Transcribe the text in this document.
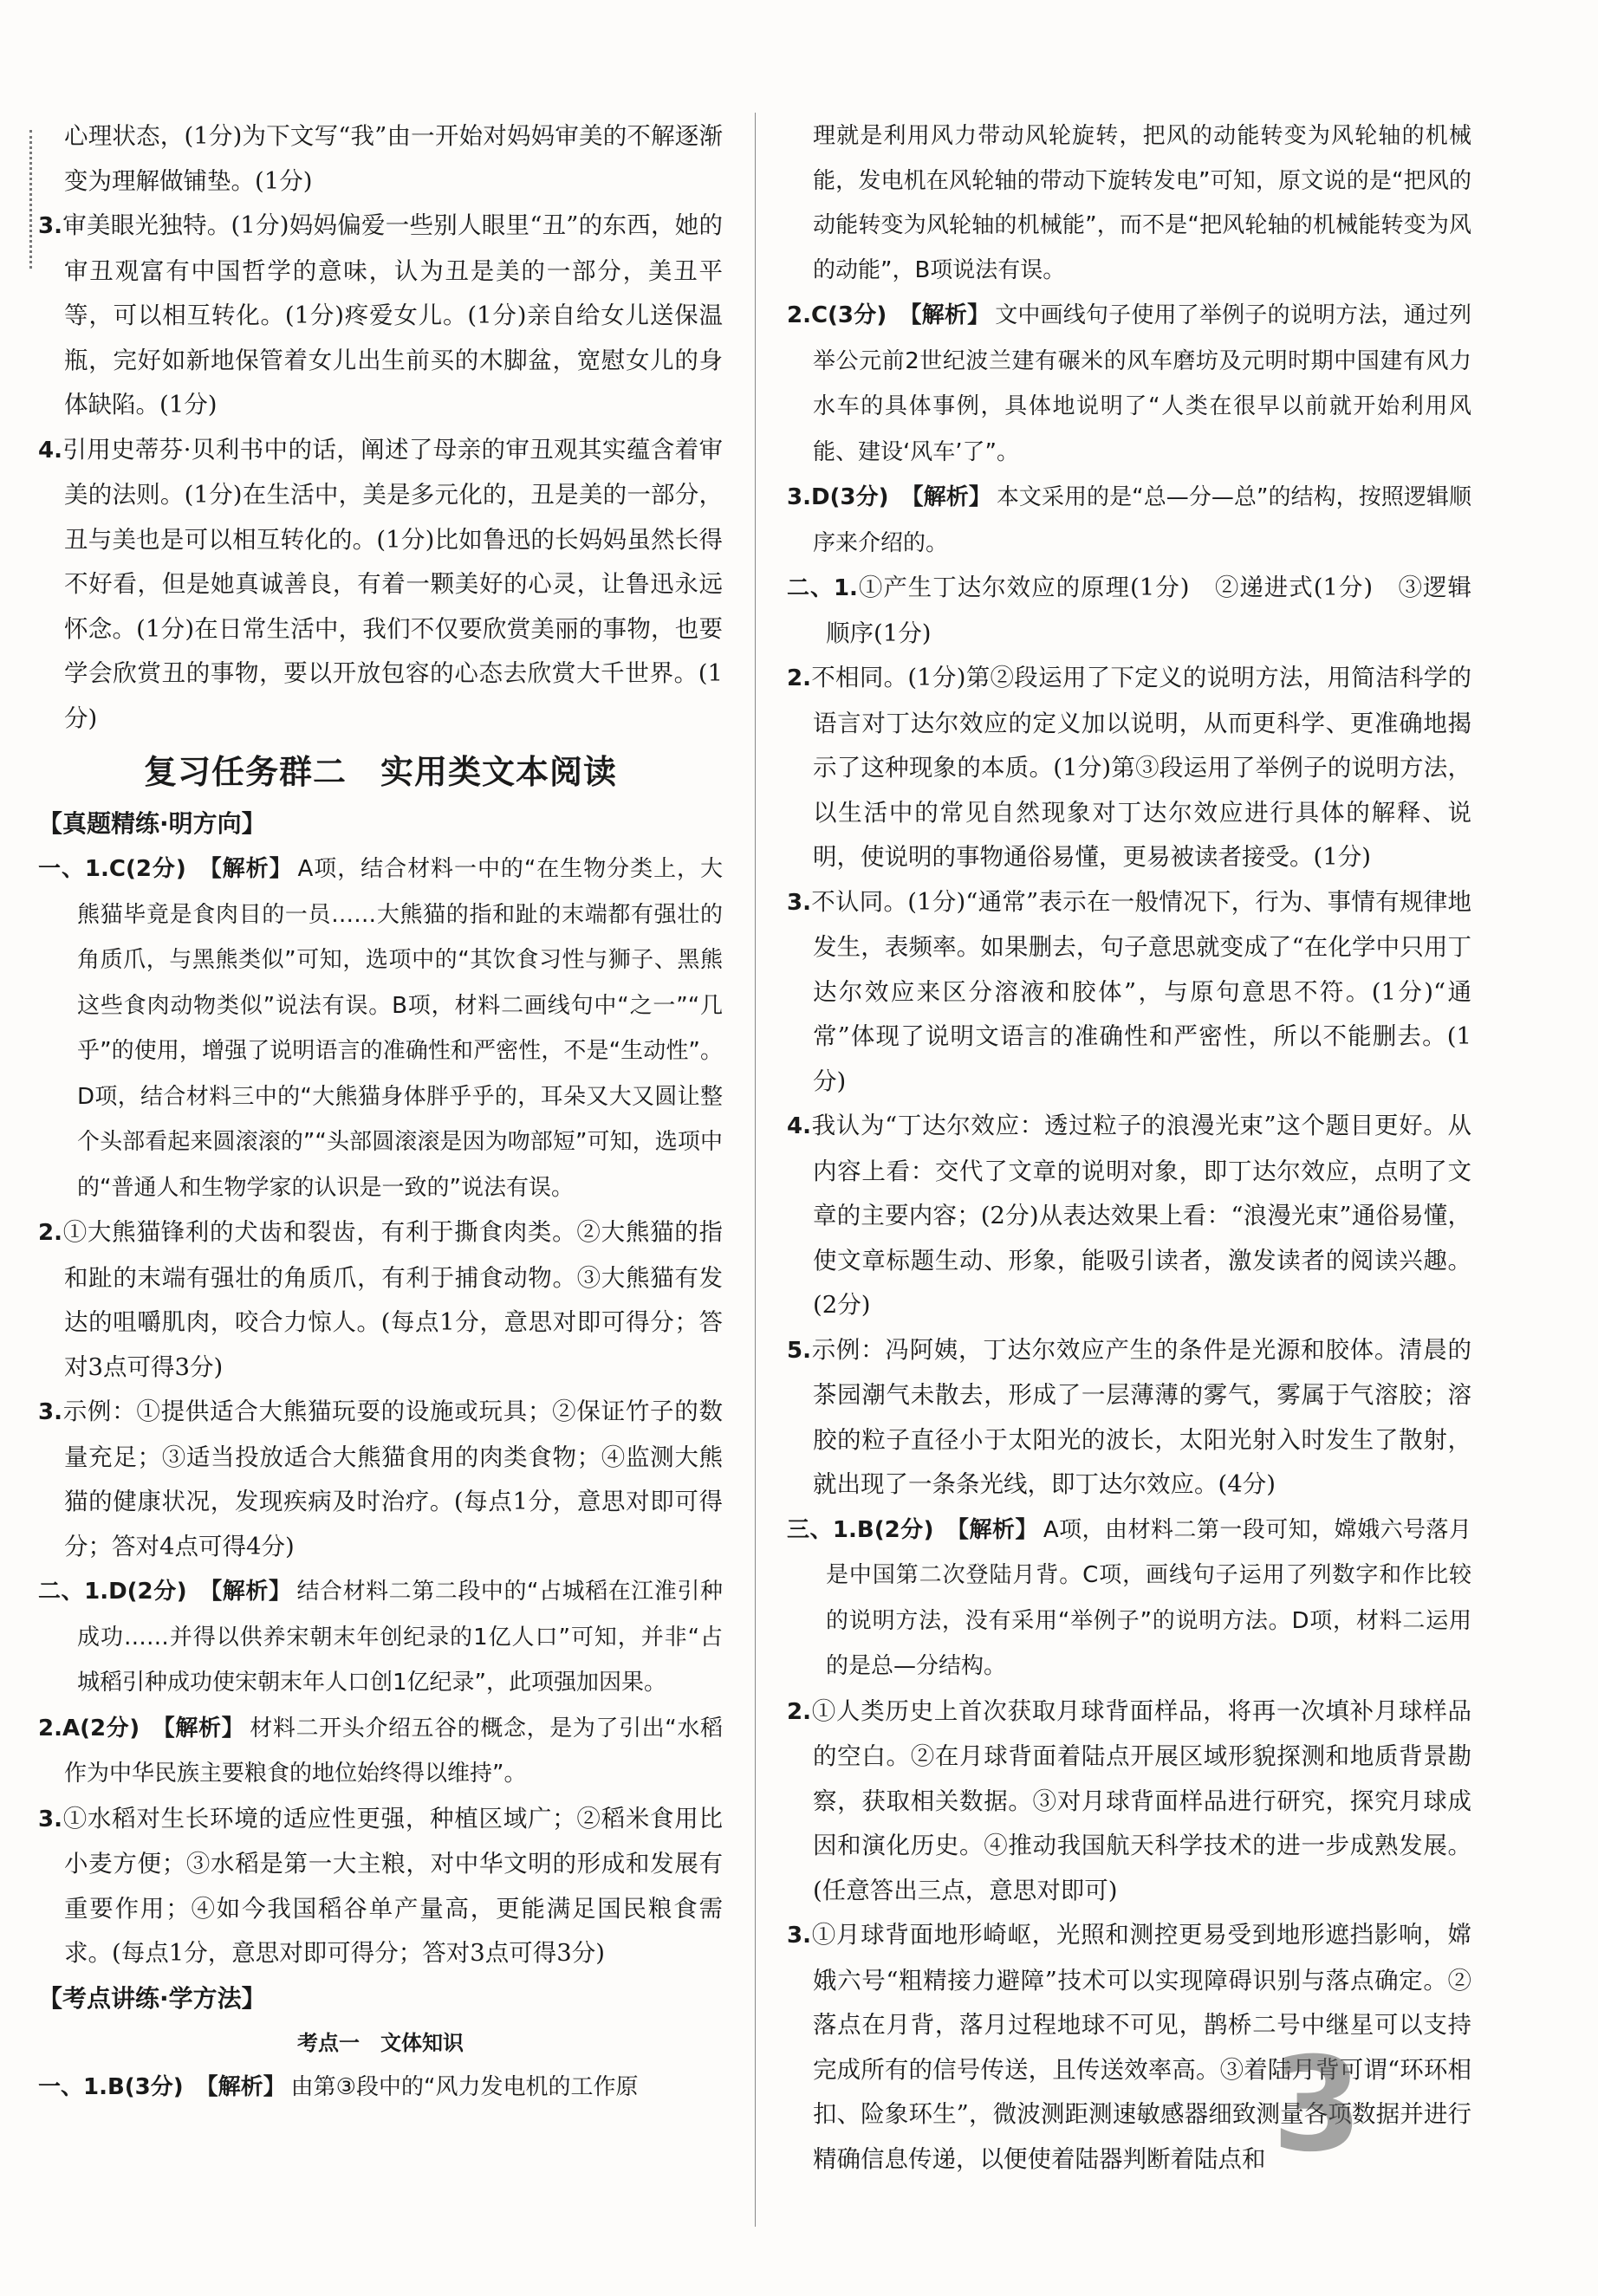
心理状态，(1分)为下文写“我”由一开始对妈妈审美的不解逐渐变为理解做铺垫。(1分)

3.审美眼光独特。(1分)妈妈偏爱一些别人眼里“丑”的东西，她的审丑观富有中国哲学的意味，认为丑是美的一部分，美丑平等，可以相互转化。(1分)疼爱女儿。(1分)亲自给女儿送保温瓶，完好如新地保管着女儿出生前买的木脚盆，宽慰女儿的身体缺陷。(1分)

4.引用史蒂芬·贝利书中的话，阐述了母亲的审丑观其实蕴含着审美的法则。(1分)在生活中，美是多元化的，丑是美的一部分，丑与美也是可以相互转化的。(1分)比如鲁迅的长妈妈虽然长得不好看，但是她真诚善良，有着一颗美好的心灵，让鲁迅永远怀念。(1分)在日常生活中，我们不仅要欣赏美丽的事物，也要学会欣赏丑的事物，要以开放包容的心态去欣赏大千世界。(1分)

复习任务群二　实用类文本阅读
【真题精练·明方向】

一、1.C(2分) 【解析】 A项，结合材料一中的“在生物分类上，大熊猫毕竟是食肉目的一员……大熊猫的指和趾的末端都有强壮的角质爪，与黑熊类似”可知，选项中的“其饮食习性与狮子、黑熊这些食肉动物类似”说法有误。B项，材料二画线句中“之一”“几乎”的使用，增强了说明语言的准确性和严密性，不是“生动性”。D项，结合材料三中的“大熊猫身体胖乎乎的，耳朵又大又圆让整个头部看起来圆滚滚的”“头部圆滚滚是因为吻部短”可知，选项中的“普通人和生物学家的认识是一致的”说法有误。

2.①大熊猫锋利的犬齿和裂齿，有利于撕食肉类。②大熊猫的指和趾的末端有强壮的角质爪，有利于捕食动物。③大熊猫有发达的咀嚼肌肉，咬合力惊人。(每点1分，意思对即可得分；答对3点可得3分)

3.示例：①提供适合大熊猫玩耍的设施或玩具；②保证竹子的数量充足；③适当投放适合大熊猫食用的肉类食物；④监测大熊猫的健康状况，发现疾病及时治疗。(每点1分，意思对即可得分；答对4点可得4分)

二、1.D(2分) 【解析】 结合材料二第二段中的“占城稻在江淮引种成功……并得以供养宋朝末年创纪录的1亿人口”可知，并非“占城稻引种成功使宋朝末年人口创1亿纪录”，此项强加因果。

2.A(2分) 【解析】 材料二开头介绍五谷的概念，是为了引出“水稻作为中华民族主要粮食的地位始终得以维持”。

3.①水稻对生长环境的适应性更强，种植区域广；②稻米食用比小麦方便；③水稻是第一大主粮，对中华文明的形成和发展有重要作用；④如今我国稻谷单产量高，更能满足国民粮食需求。(每点1分，意思对即可得分；答对3点可得3分)

【考点讲练·学方法】
考点一　文体知识

一、1.B(3分) 【解析】 由第③段中的“风力发电机的工作原

理就是利用风力带动风轮旋转，把风的动能转变为风轮轴的机械能，发电机在风轮轴的带动下旋转发电”可知，原文说的是“把风的动能转变为风轮轴的机械能”，而不是“把风轮轴的机械能转变为风的动能”，B项说法有误。

2.C(3分) 【解析】 文中画线句子使用了举例子的说明方法，通过列举公元前2世纪波兰建有碾米的风车磨坊及元明时期中国建有风力水车的具体事例，具体地说明了“人类在很早以前就开始利用风能、建设‘风车’了”。

3.D(3分) 【解析】 本文采用的是“总—分—总”的结构，按照逻辑顺序来介绍的。

二、1.①产生丁达尔效应的原理(1分)　②递进式(1分)　③逻辑顺序(1分)

2.不相同。(1分)第②段运用了下定义的说明方法，用简洁科学的语言对丁达尔效应的定义加以说明，从而更科学、更准确地揭示了这种现象的本质。(1分)第③段运用了举例子的说明方法，以生活中的常见自然现象对丁达尔效应进行具体的解释、说明，使说明的事物通俗易懂，更易被读者接受。(1分)

3.不认同。(1分)“通常”表示在一般情况下，行为、事情有规律地发生，表频率。如果删去，句子意思就变成了“在化学中只用丁达尔效应来区分溶液和胶体”，与原句意思不符。(1分)“通常”体现了说明文语言的准确性和严密性，所以不能删去。(1分)

4.我认为“丁达尔效应：透过粒子的浪漫光束”这个题目更好。从内容上看：交代了文章的说明对象，即丁达尔效应，点明了文章的主要内容；(2分)从表达效果上看：“浪漫光束”通俗易懂，使文章标题生动、形象，能吸引读者，激发读者的阅读兴趣。(2分)

5.示例：冯阿姨，丁达尔效应产生的条件是光源和胶体。清晨的茶园潮气未散去，形成了一层薄薄的雾气，雾属于气溶胶；溶胶的粒子直径小于太阳光的波长，太阳光射入时发生了散射，就出现了一条条光线，即丁达尔效应。(4分)

三、1.B(2分) 【解析】 A项，由材料二第一段可知，嫦娥六号落月是中国第二次登陆月背。C项，画线句子运用了列数字和作比较的说明方法，没有采用“举例子”的说明方法。D项，材料二运用的是总—分结构。

2.①人类历史上首次获取月球背面样品，将再一次填补月球样品的空白。②在月球背面着陆点开展区域形貌探测和地质背景勘察，获取相关数据。③对月球背面样品进行研究，探究月球成因和演化历史。④推动我国航天科学技术的进一步成熟发展。(任意答出三点，意思对即可)

3.①月球背面地形崎岖，光照和测控更易受到地形遮挡影响，嫦娥六号“粗精接力避障”技术可以实现障碍识别与落点确定。②落点在月背，落月过程地球不可见，鹊桥二号中继星可以支持完成所有的信号传送，且传送效率高。③着陆月背可谓“环环相扣、险象环生”，微波测距测速敏感器细致测量各项数据并进行精确信息传递，以便使着陆器判断着陆点和 3
